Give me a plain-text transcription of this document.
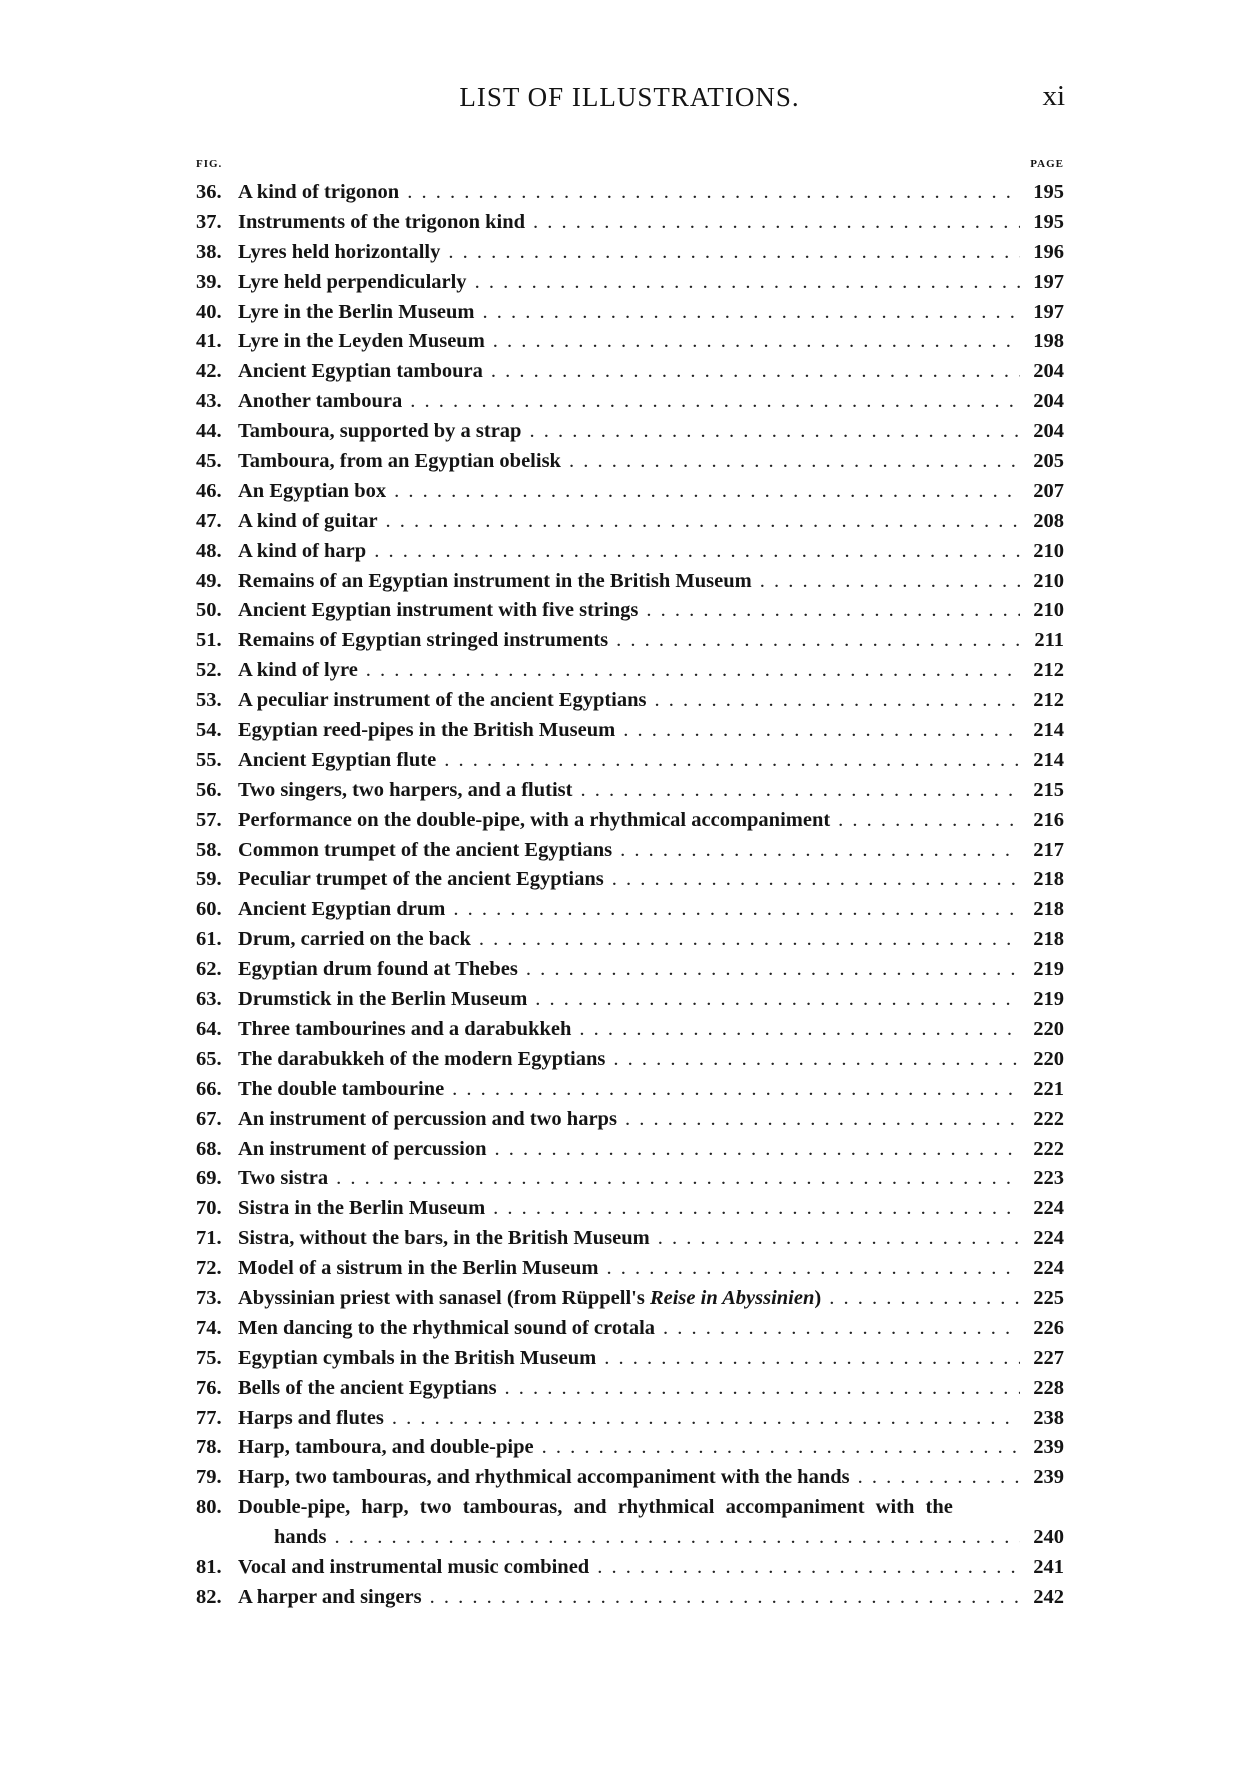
LIST OF ILLUSTRATIONS.	xi
FIG.	PAGE
36. A kind of trigonon . . .	195
37. Instruments of the trigonon kind . . .	195
38. Lyres held horizontally . . .	196
39. Lyre held perpendicularly . . .	197
40. Lyre in the Berlin Museum . . .	197
41. Lyre in the Leyden Museum . . .	198
42. Ancient Egyptian tamboura . . .	204
43. Another tamboura . . .	204
44. Tamboura, supported by a strap . . .	204
45. Tamboura, from an Egyptian obelisk . . .	205
46. An Egyptian box . . .	207
47. A kind of guitar . . .	208
48. A kind of harp . . .	210
49. Remains of an Egyptian instrument in the British Museum . . .	210
50. Ancient Egyptian instrument with five strings . . .	210
51. Remains of Egyptian stringed instruments . . .	211
52. A kind of lyre . . .	212
53. A peculiar instrument of the ancient Egyptians . . .	212
54. Egyptian reed-pipes in the British Museum . . .	214
55. Ancient Egyptian flute . . .	214
56. Two singers, two harpers, and a flutist . . .	215
57. Performance on the double-pipe, with a rhythmical accompaniment . . .	216
58. Common trumpet of the ancient Egyptians . . .	217
59. Peculiar trumpet of the ancient Egyptians . . .	218
60. Ancient Egyptian drum . . .	218
61. Drum, carried on the back . . .	218
62. Egyptian drum found at Thebes . . .	219
63. Drumstick in the Berlin Museum . . .	219
64. Three tambourines and a darabukkeh . . .	220
65. The darabukkeh of the modern Egyptians . . .	220
66. The double tambourine . . .	221
67. An instrument of percussion and two harps . . .	222
68. An instrument of percussion . . .	222
69. Two sistra . . .	223
70. Sistra in the Berlin Museum . . .	224
71. Sistra, without the bars, in the British Museum . . .	224
72. Model of a sistrum in the Berlin Museum . . .	224
73. Abyssinian priest with sanasel (from Rüppell's Reise in Abyssinien) . . .	225
74. Men dancing to the rhythmical sound of crotala . . .	226
75. Egyptian cymbals in the British Museum . . .	227
76. Bells of the ancient Egyptians . . .	228
77. Harps and flutes . . .	238
78. Harp, tamboura, and double-pipe . . .	239
79. Harp, two tambouras, and rhythmical accompaniment with the hands . . .	239
80. Double-pipe, harp, two tambouras, and rhythmical accompaniment with the
hands . . .	240
81. Vocal and instrumental music combined . . .	241
82. A harper and singers . . .	242
